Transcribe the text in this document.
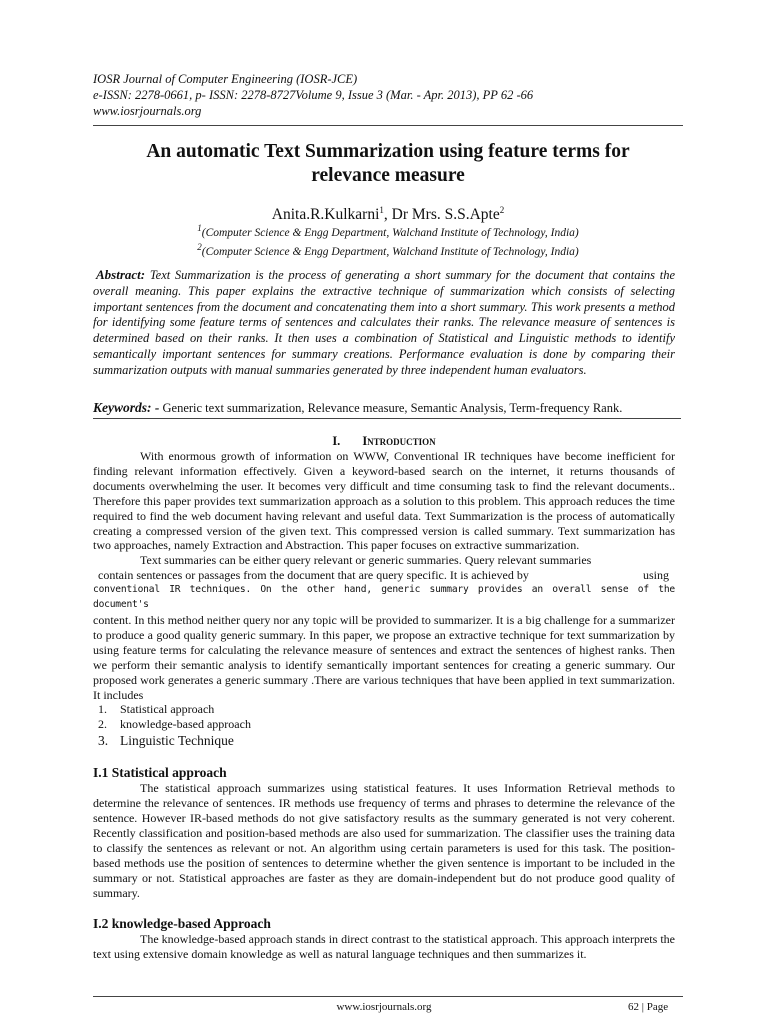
IOSR Journal of Computer Engineering (IOSR-JCE)
e-ISSN: 2278-0661, p- ISSN: 2278-8727Volume 9, Issue 3 (Mar. - Apr. 2013), PP 62 -66
www.iosrjournals.org
An automatic Text Summarization using feature terms for
relevance measure
Anita.R.Kulkarni$^1$, Dr Mrs. S.S.Apte$^2$
$^1$(Computer Science & Engg Department, Walchand Institute of Technology, India)
$^2$(Computer Science & Engg Department, Walchand Institute of Technology, India)
Abstract: Text Summarization is the process of generating a short summary for the document that contains the overall meaning. This paper explains the extractive technique of summarization which consists of selecting important sentences from the document and concatenating them into a short summary. This work presents a method for identifying some feature terms of sentences and calculates their ranks. The relevance measure of sentences is determined based on their ranks. It then uses a combination of Statistical and Linguistic methods to identify semantically important sentences for summary creations. Performance evaluation is done by comparing their summarization outputs with manual summaries generated by three independent human evaluators.
Keywords: - Generic text summarization, Relevance measure, Semantic Analysis, Term-frequency Rank.
I. Introduction

With enormous growth of information on WWW, Conventional IR techniques have become inefficient for finding relevant information effectively. Given a keyword-based search on the internet, it returns thousands of documents overwhelming the user. It becomes very difficult and time consuming task to find the relevant documents.. Therefore this paper provides text summarization approach as a solution to this problem. This approach reduces the time required to find the web document having relevant and useful data. Text Summarization is the process of automatically creating a compressed version of the given text. This compressed version is called summary. Text summarization has two approaches, namely Extraction and Abstraction. This paper focuses on extractive summarization.

Text summaries can be either query relevant or generic summaries. Query relevant summaries

contain sentences or passages from the document that are query specific. It is achieved by	using
conventional IR techniques. On the other hand, generic summary provides an overall sense of the document's
content. In this method neither query nor any topic will be provided to summarizer. It is a big challenge for a summarizer to produce a good quality generic summary. In this paper, we propose an extractive technique for text summarization by using feature terms for calculating the relevance measure of sentences and extract the sentences of highest ranks. Then we perform their semantic analysis to identify semantically important sentences for creating a generic summary. Our proposed work generates a generic summary .There are various techniques that have been applied in text summarization. It includes
1. Statistical approach
2. knowledge-based approach
3. Linguistic Technique
I.1 Statistical approach

The statistical approach summarizes using statistical features. It uses Information Retrieval methods to determine the relevance of sentences. IR methods use frequency of terms and phrases to determine the relevance of the sentence. However IR-based methods do not give satisfactory results as the summary generated is not very coherent. Recently classification and position-based methods are also used for summarization. The classifier uses the training data to classify the sentences as relevant or not. An algorithm using certain parameters is used for this task. The position-based methods use the position of sentences to determine whether the given sentence is important to be included in the summary or not. Statistical approaches are faster as they are domain-independent but do not produce good quality of summary.

I.2 knowledge-based Approach

The knowledge-based approach stands in direct contrast to the statistical approach. This approach interprets the text using extensive domain knowledge as well as natural language techniques and then summarizes it.

www.iosrjournals.org	62 | Page
